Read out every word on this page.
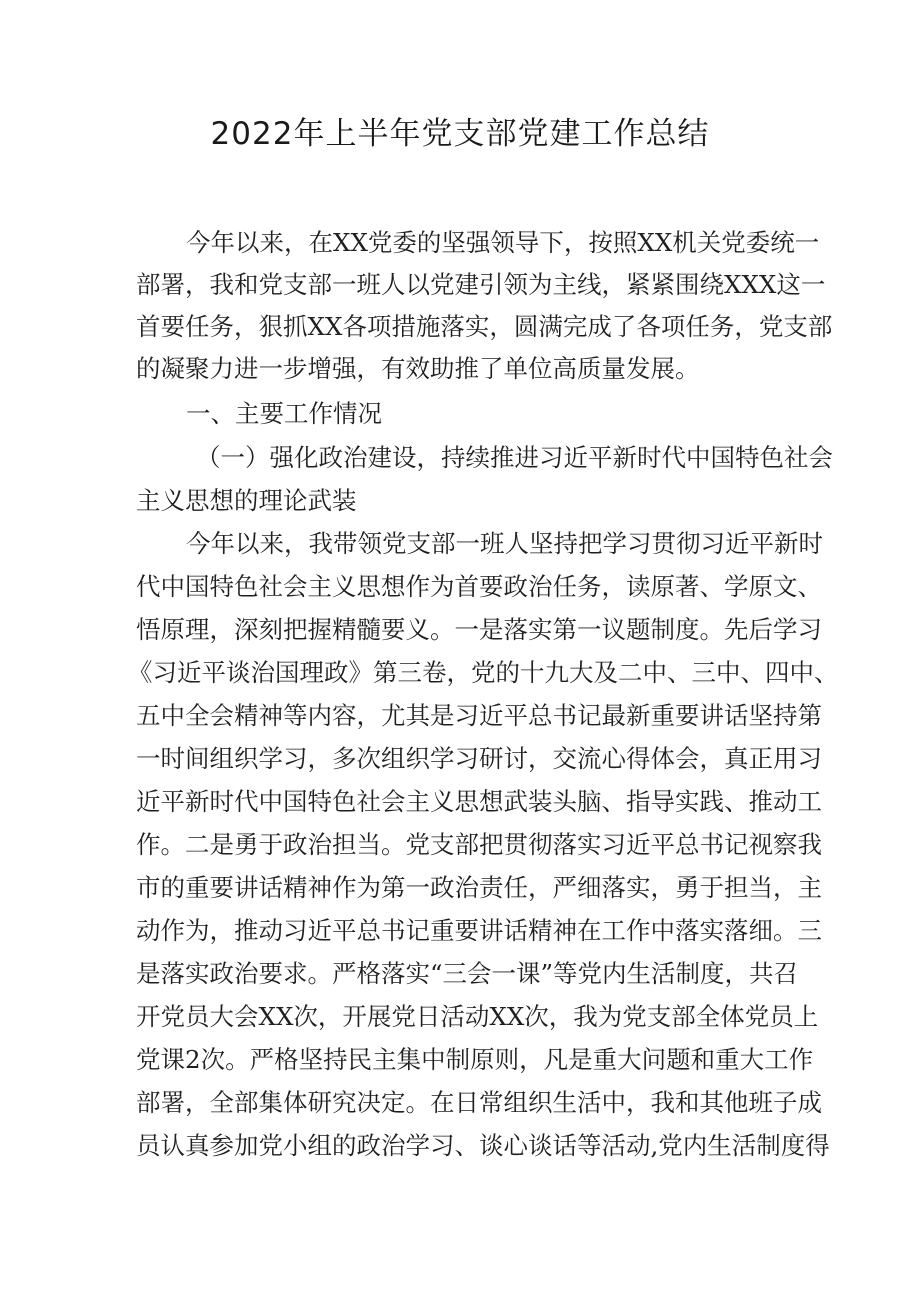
2022年上半年党支部党建工作总结
今年以来，在XX党委的坚强领导下，按照XX机关党委统一
部署，我和党支部一班人以党建引领为主线，紧紧围绕XXX这一
首要任务，狠抓XX各项措施落实，圆满完成了各项任务，党支部
的凝聚力进一步增强，有效助推了单位高质量发展。
一、主要工作情况
（一）强化政治建设，持续推进习近平新时代中国特色社会
主义思想的理论武装
今年以来，我带领党支部一班人坚持把学习贯彻习近平新时
代中国特色社会主义思想作为首要政治任务，读原著、学原文、
悟原理，深刻把握精髓要义。一是落实第一议题制度。先后学习
《习近平谈治国理政》第三卷，党的十九大及二中、三中、四中、
五中全会精神等内容，尤其是习近平总书记最新重要讲话坚持第
一时间组织学习，多次组织学习研讨，交流心得体会，真正用习
近平新时代中国特色社会主义思想武装头脑、指导实践、推动工
作。二是勇于政治担当。党支部把贯彻落实习近平总书记视察我
市的重要讲话精神作为第一政治责任，严细落实，勇于担当，主
动作为，推动习近平总书记重要讲话精神在工作中落实落细。三
是落实政治要求。严格落实“三会一课”等党内生活制度，共召
开党员大会XX次，开展党日活动XX次，我为党支部全体党员上
党课2次。严格坚持民主集中制原则，凡是重大问题和重大工作
部署，全部集体研究决定。在日常组织生活中，我和其他班子成
员认真参加党小组的政治学习、谈心谈话等活动,党内生活制度得
